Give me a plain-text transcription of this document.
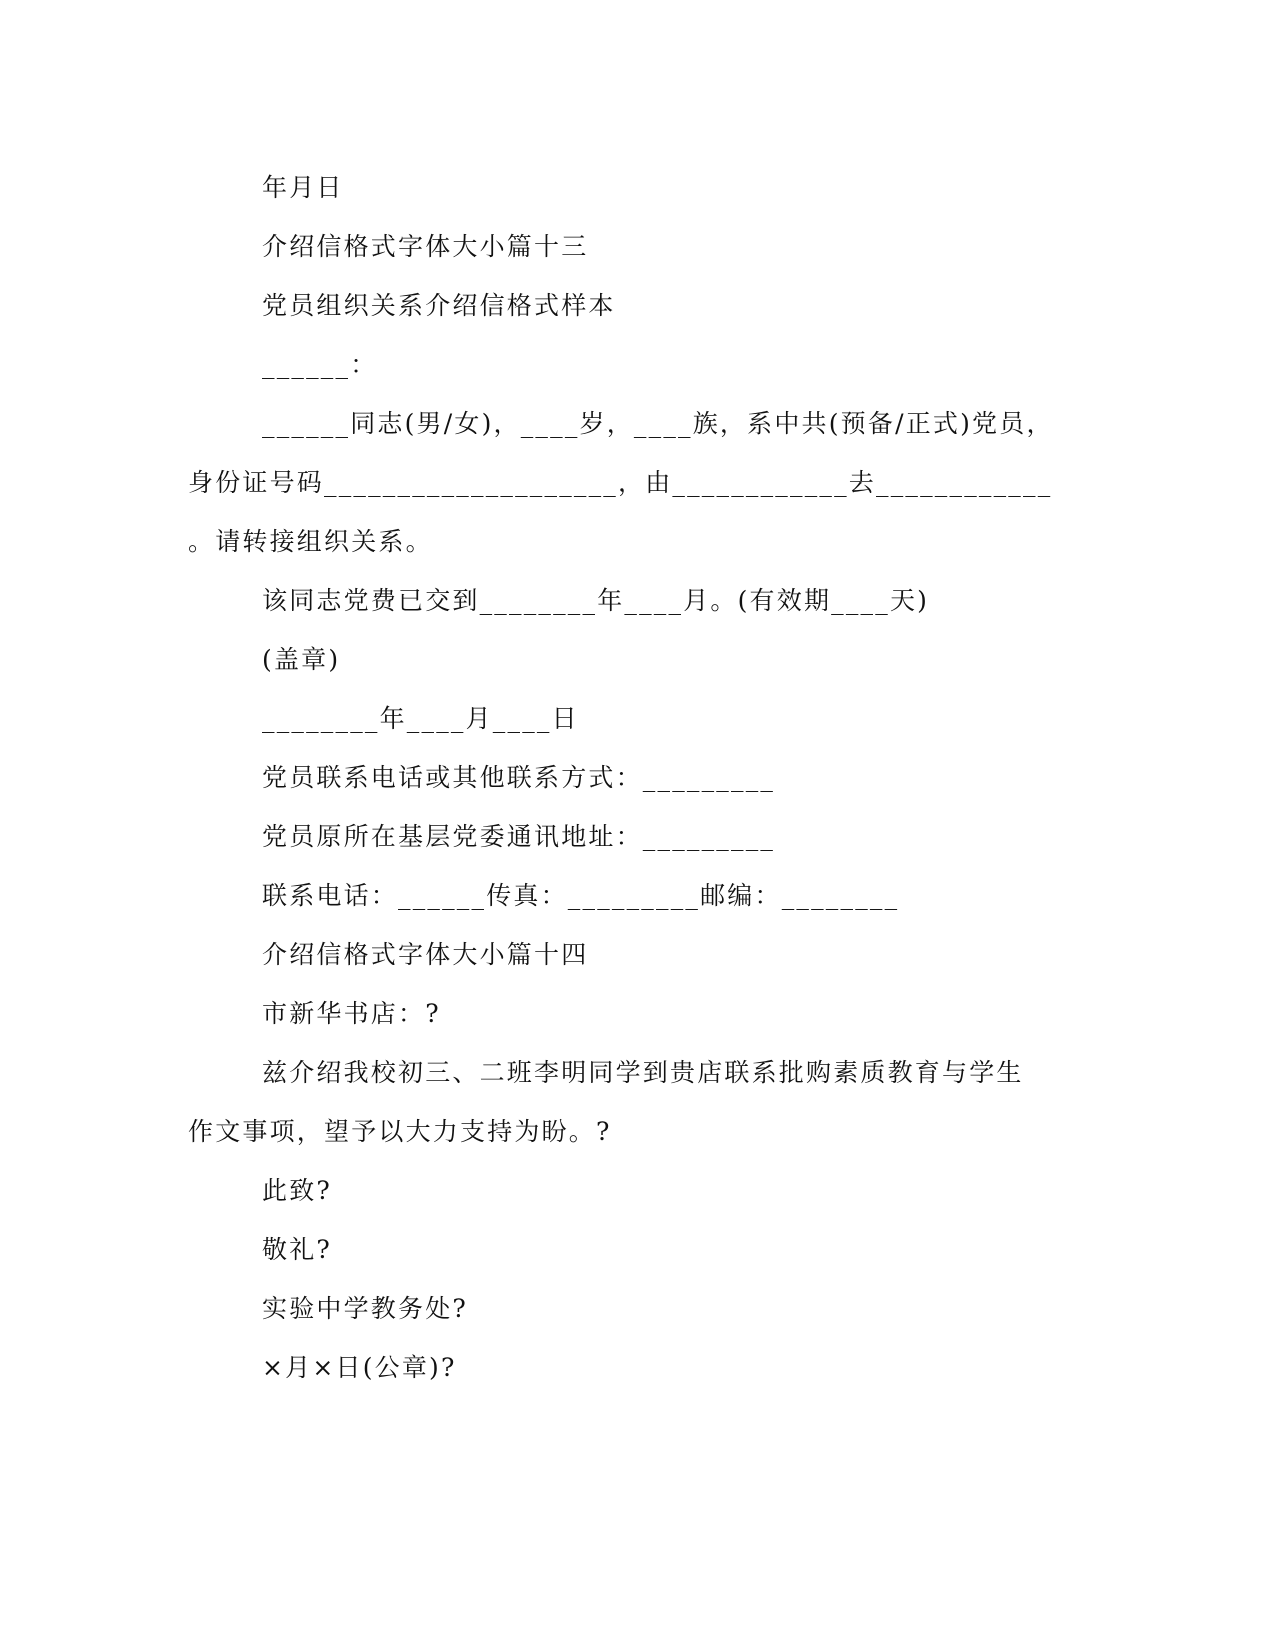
年月日
介绍信格式字体大小篇十三
党员组织关系介绍信格式样本
______：
______同志(男/女)，____岁，____族，系中共(预备/正式)党员，
身份证号码____________________，由____________去____________
。请转接组织关系。
该同志党费已交到________年____月。(有效期____天)
(盖章)
________年____月____日
党员联系电话或其他联系方式：_________
党员原所在基层党委通讯地址：_________
联系电话：______传真：_________邮编：________
介绍信格式字体大小篇十四
市新华书店：?
兹介绍我校初三、二班李明同学到贵店联系批购素质教育与学生
作文事项，望予以大力支持为盼。?
此致?
敬礼?
实验中学教务处?
×月×日(公章)?
